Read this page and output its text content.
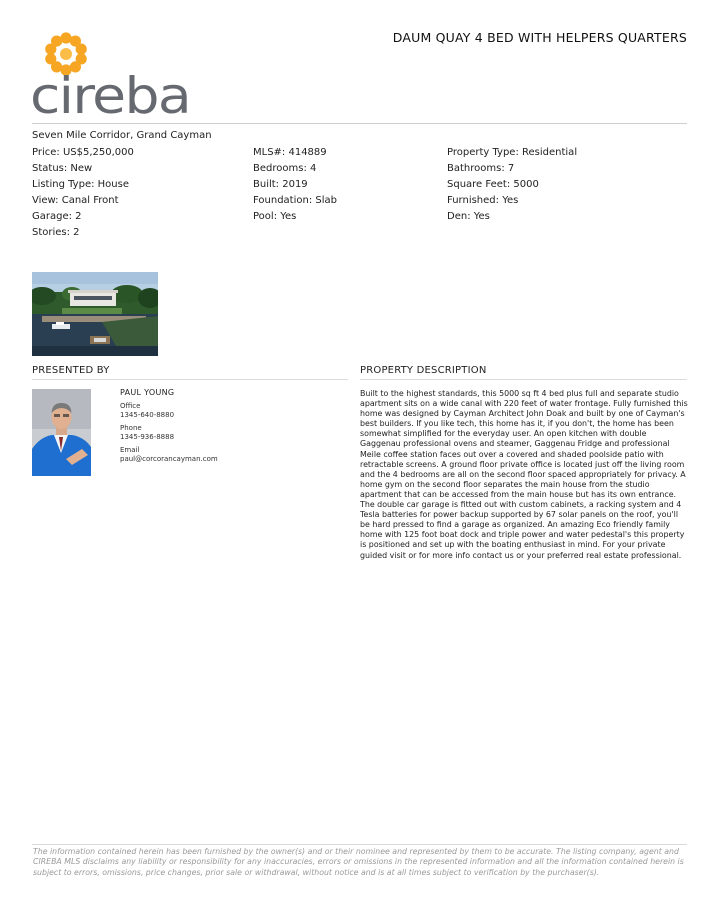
cireba
DAUM QUAY 4 BED WITH HELPERS QUARTERS
Seven Mile Corridor, Grand Cayman
Price: US$5,250,000
Status: New
Listing Type: House
View: Canal Front
Garage: 2
Stories: 2
MLS#: 414889
Bedrooms: 4
Built: 2019
Foundation: Slab
Pool: Yes
Property Type: Residential
Bathrooms: 7
Square Feet: 5000
Furnished: Yes
Den: Yes
PRESENTED BY	PROPERTY DESCRIPTION
PAUL YOUNG
Office
1345-640-8880
Phone
1345-936-8888
Email
paul@corcorancayman.com
Built to the highest standards, this 5000 sq ft 4 bed plus full and separate studio apartment sits on a wide canal with 220 feet of water frontage. Fully furnished this home was designed by Cayman Architect John Doak and built by one of Cayman's best builders. If you like tech, this home has it, if you don't, the home has been somewhat simplified for the everyday user. An open kitchen with double Gaggenau professional ovens and steamer, Gaggenau Fridge and professional Meile coffee station faces out over a covered and shaded poolside patio with retractable screens. A ground floor private office is located just off the living room and the 4 bedrooms are all on the second floor spaced appropriately for privacy. A home gym on the second floor separates the main house from the studio apartment that can be accessed from the main house but has its own entrance. The double car garage is fitted out with custom cabinets, a racking system and 4 Tesla batteries for power backup supported by 67 solar panels on the roof, you'll be hard pressed to find a garage as organized. An amazing Eco friendly family home with 125 foot boat dock and triple power and water pedestal's this property is positioned and set up with the boating enthusiast in mind. For your private guided visit or for more info contact us or your preferred real estate professional.
The information contained herein has been furnished by the owner(s) and or their nominee and represented by them to be accurate. The listing company, agent and CIREBA MLS disclaims any liability or responsibility for any inaccuracies, errors or omissions in the represented information and all the information contained herein is subject to errors, omissions, price changes, prior sale or withdrawal, without notice and is at all times subject to verification by the purchaser(s).
